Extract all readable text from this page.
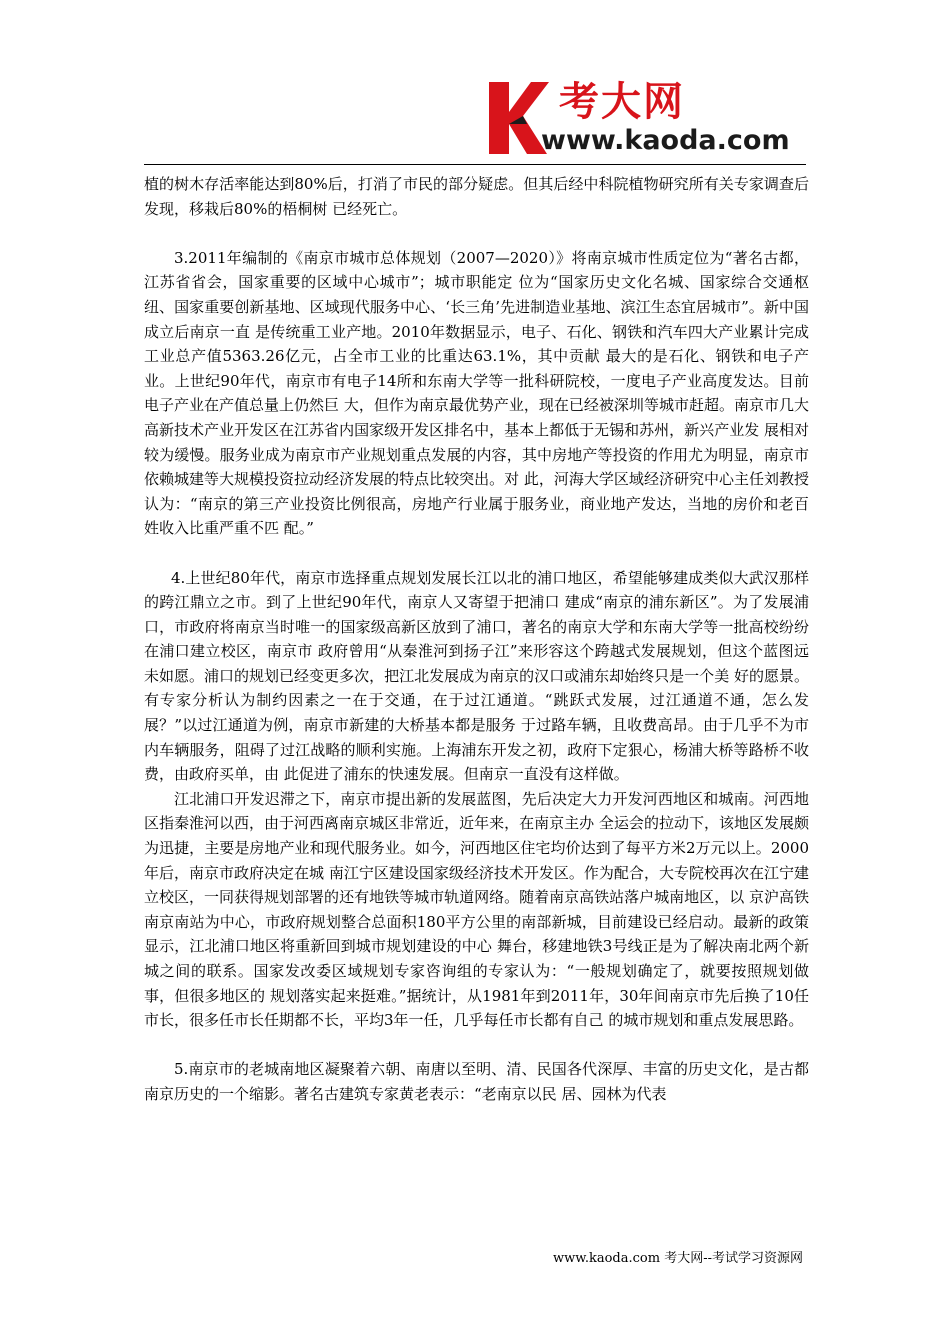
考大网
www.kaoda.com

植的树木存活率能达到80%后，打消了市民的部分疑虑。但其后经中科院植物研究所有关专家调查后发现，移栽后80%的梧桐树 已经死亡。

3.2011年编制的《南京市城市总体规划（2007—2020）》将南京城市性质定位为“著名古都，江苏省省会，国家重要的区域中心城市”；城市职能定 位为“国家历史文化名城、国家综合交通枢纽、国家重要创新基地、区域现代服务中心、‘长三角’先进制造业基地、滨江生态宜居城市”。新中国成立后南京一直 是传统重工业产地。2010年数据显示，电子、石化、钢铁和汽车四大产业累计完成工业总产值5363.26亿元，占全市工业的比重达63.1%，其中贡献 最大的是石化、钢铁和电子产业。上世纪90年代，南京市有电子14所和东南大学等一批科研院校，一度电子产业高度发达。目前电子产业在产值总量上仍然巨 大，但作为南京最优势产业，现在已经被深圳等城市赶超。南京市几大高新技术产业开发区在江苏省内国家级开发区排名中，基本上都低于无锡和苏州，新兴产业发 展相对较为缓慢。服务业成为南京市产业规划重点发展的内容，其中房地产等投资的作用尤为明显，南京市依赖城建等大规模投资拉动经济发展的特点比较突出。对 此，河海大学区域经济研究中心主任刘教授认为：“南京的第三产业投资比例很高，房地产行业属于服务业，商业地产发达，当地的房价和老百姓收入比重严重不匹 配。”

4.上世纪80年代，南京市选择重点规划发展长江以北的浦口地区，希望能够建成类似大武汉那样的跨江鼎立之市。到了上世纪90年代，南京人又寄望于把浦口 建成“南京的浦东新区”。为了发展浦口，市政府将南京当时唯一的国家级高新区放到了浦口，著名的南京大学和东南大学等一批高校纷纷在浦口建立校区，南京市 政府曾用“从秦淮河到扬子江”来形容这个跨越式发展规划，但这个蓝图远未如愿。浦口的规划已经变更多次，把江北发展成为南京的汉口或浦东却始终只是一个美 好的愿景。有专家分析认为制约因素之一在于交通，在于过江通道。“跳跃式发展，过江通道不通，怎么发展？”以过江通道为例，南京市新建的大桥基本都是服务 于过路车辆，且收费高昂。由于几乎不为市内车辆服务，阻碍了过江战略的顺利实施。上海浦东开发之初，政府下定狠心，杨浦大桥等路桥不收费，由政府买单，由 此促进了浦东的快速发展。但南京一直没有这样做。

江北浦口开发迟滞之下，南京市提出新的发展蓝图，先后决定大力开发河西地区和城南。河西地区指秦淮河以西，由于河西离南京城区非常近，近年来，在南京主办 全运会的拉动下，该地区发展颇为迅捷，主要是房地产业和现代服务业。如今，河西地区住宅均价达到了每平方米2万元以上。2000年后，南京市政府决定在城 南江宁区建设国家级经济技术开发区。作为配合，大专院校再次在江宁建立校区，一同获得规划部署的还有地铁等城市轨道网络。随着南京高铁站落户城南地区，以 京沪高铁南京南站为中心，市政府规划整合总面积180平方公里的南部新城，目前建设已经启动。最新的政策显示，江北浦口地区将重新回到城市规划建设的中心 舞台，移建地铁3号线正是为了解决南北两个新城之间的联系。国家发改委区域规划专家咨询组的专家认为：“一般规划确定了，就要按照规划做事，但很多地区的 规划落实起来挺难。”据统计，从1981年到2011年，30年间南京市先后换了10任市长，很多任市长任期都不长，平均3年一任，几乎每任市长都有自己 的城市规划和重点发展思路。

5.南京市的老城南地区凝聚着六朝、南唐以至明、清、民国各代深厚、丰富的历史文化，是古都南京历史的一个缩影。著名古建筑专家黄老表示：“老南京以民 居、园林为代表

www.kaoda.com 考大网--考试学习资源网
